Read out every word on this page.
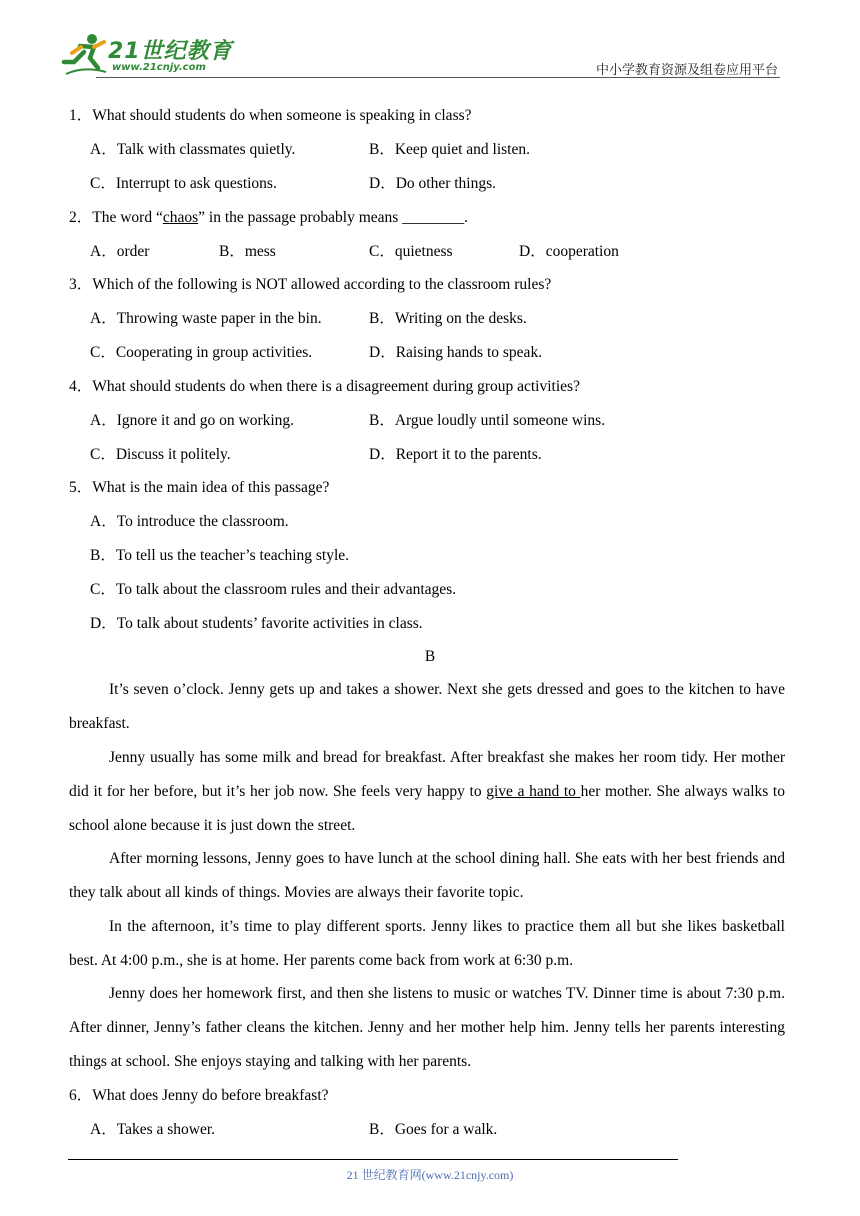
21世纪教育
www.21cnjy.com	中小学教育资源及组卷应用平台
1．What should students do when someone is speaking in class?
A．Talk with classmates quietly.	B．Keep quiet and listen.
C．Interrupt to ask questions.	D．Do other things.
2．The word “chaos” in the passage probably means ________.
A．order	B．mess	C．quietness	D．cooperation
3．Which of the following is NOT allowed according to the classroom rules?
A．Throwing waste paper in the bin.	B．Writing on the desks.
C．Cooperating in group activities.	D．Raising hands to speak.
4．What should students do when there is a disagreement during group activities?
A．Ignore it and go on working.	B．Argue loudly until someone wins.
C．Discuss it politely.	D．Report it to the parents.
5．What is the main idea of this passage?
A．To introduce the classroom.
B．To tell us the teacher’s teaching style.
C．To talk about the classroom rules and their advantages.
D．To talk about students’ favorite activities in class.
B
It’s seven o’clock. Jenny gets up and takes a shower. Next she gets dressed and goes to the kitchen to have breakfast.
Jenny usually has some milk and bread for breakfast. After breakfast she makes her room tidy. Her mother did it for her before, but it’s her job now. She feels very happy to give a hand to her mother. She always walks to school alone because it is just down the street.
After morning lessons, Jenny goes to have lunch at the school dining hall. She eats with her best friends and they talk about all kinds of things. Movies are always their favorite topic.
In the afternoon, it’s time to play different sports. Jenny likes to practice them all but she likes basketball best. At 4:00 p.m., she is at home. Her parents come back from work at 6:30 p.m.
Jenny does her homework first, and then she listens to music or watches TV. Dinner time is about 7:30 p.m. After dinner, Jenny’s father cleans the kitchen. Jenny and her mother help him. Jenny tells her parents interesting things at school. She enjoys staying and talking with her parents.
6．What does Jenny do before breakfast?
A．Takes a shower.	B．Goes for a walk.
21 世纪教育网(www.21cnjy.com)
